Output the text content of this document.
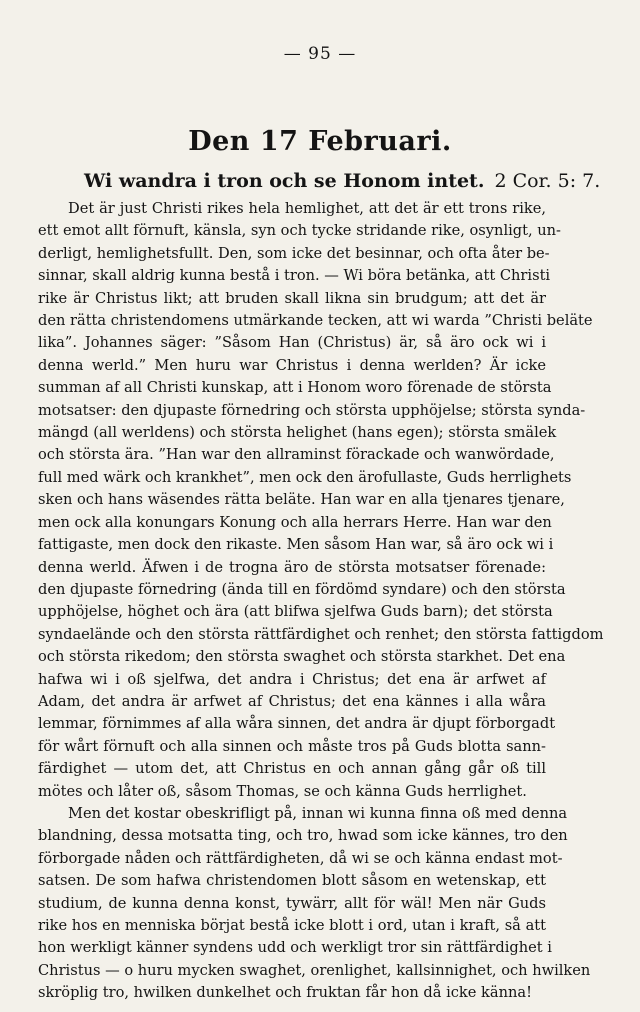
— 95 —
Den 17 Februari.
Wi wandra i tron och se Honom intet. 2 Cor. 5: 7.
Det är just Christi rikes hela hemlighet, att det är ett trons rike,
ett emot allt förnuft, känsla, syn och tycke stridande rike, osynligt, un-
derligt, hemlighetsfullt. Den, som icke det besinnar, och ofta åter be-
sinnar, skall aldrig kunna bestå i tron. — Wi böra betänka, att Christi
rike är Christus likt; att bruden skall likna sin brudgum; att det är
den rätta christendomens utmärkande tecken, att wi warda ”Christi beläte
lika”. Johannes säger: ”Såsom Han (Christus) är, så äro ock wi i
denna werld.” Men huru war Christus i denna werlden? Är icke
summan af all Christi kunskap, att i Honom woro förenade de största
motsatser: den djupaste förnedring och största upphöjelse; största synda-
mängd (all werldens) och största helighet (hans egen); största smälek
och största ära. ”Han war den allraminst förackade och wanwördade,
full med wärk och krankhet”, men ock den ärofullaste, Guds herrlighets
sken och hans wäsendes rätta beläte. Han war en alla tjenares tjenare,
men ock alla konungars Konung och alla herrars Herre. Han war den
fattigaste, men dock den rikaste. Men såsom Han war, så äro ock wi i
denna werld. Äfwen i de trogna äro de största motsatser förenade:
den djupaste förnedring (ända till en fördömd syndare) och den största
upphöjelse, höghet och ära (att blifwa sjelfwa Guds barn); det största
syndaelände och den största rättfärdighet och renhet; den största fattigdom
och största rikedom; den största swaghet och största starkhet. Det ena
hafwa wi i oß sjelfwa, det andra i Christus; det ena är arfwet af
Adam, det andra är arfwet af Christus; det ena kännes i alla wåra
lemmar, förnimmes af alla wåra sinnen, det andra är djupt förborgadt
för wårt förnuft och alla sinnen och måste tros på Guds blotta sann-
färdighet — utom det, att Christus en och annan gång går oß till
mötes och låter oß, såsom Thomas, se och känna Guds herrlighet.
Men det kostar obeskrifligt på, innan wi kunna finna oß med denna
blandning, dessa motsatta ting, och tro, hwad som icke kännes, tro den
förborgade nåden och rättfärdigheten, då wi se och känna endast mot-
satsen. De som hafwa christendomen blott såsom en wetenskap, ett
studium, de kunna denna konst, tywärr, allt för wäl! Men när Guds
rike hos en menniska börjat bestå icke blott i ord, utan i kraft, så att
hon werkligt känner syndens udd och werkligt tror sin rättfärdighet i
Christus — o huru mycken swaghet, orenlighet, kallsinnighet, och hwilken
skröplig tro, hwilken dunkelhet och fruktan får hon då icke känna!
